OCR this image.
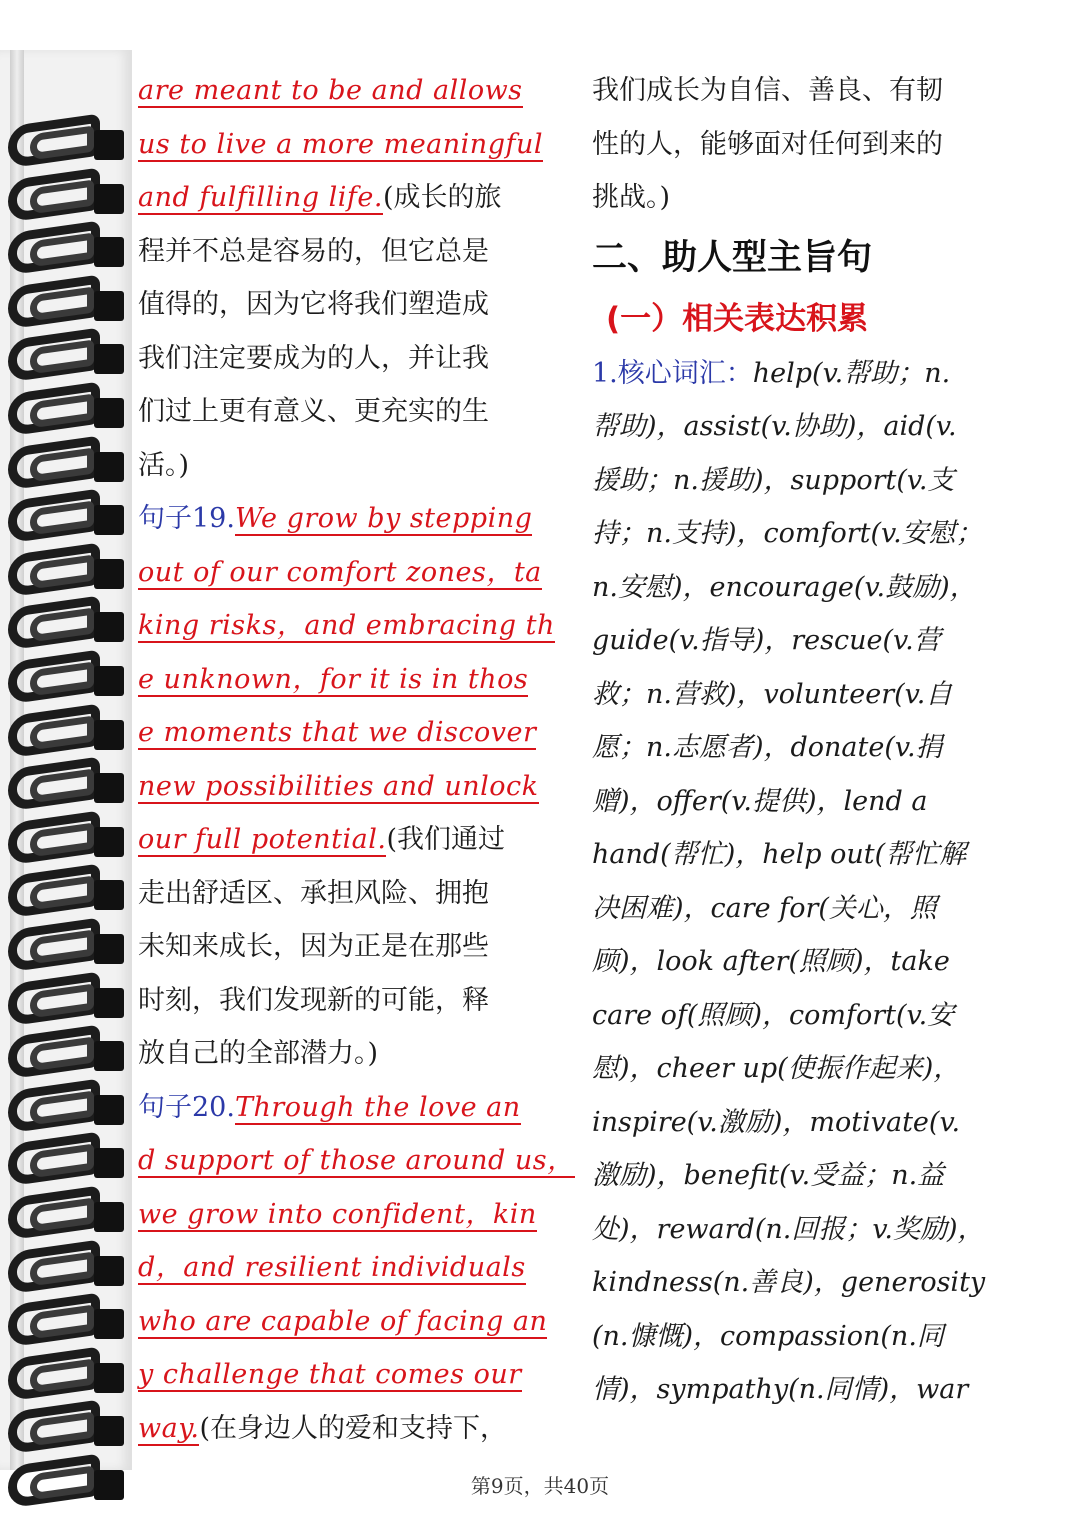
are meant to be and allows
us to live a more meaningful
and fulfilling life.(成长的旅
程并不总是容易的，但它总是
值得的，因为它将我们塑造成
我们注定要成为的人，并让我
们过上更有意义、更充实的生
活。)
句子19.We grow by stepping
out of our comfort zones，ta
king risks，and embracing th
e unknown，for it is in thos
e moments that we discover
new possibilities and unlock
our full potential.(我们通过
走出舒适区、承担风险、拥抱
未知来成长，因为正是在那些
时刻，我们发现新的可能，释
放自己的全部潜力。)
句子20.Through the love an
d support of those around us，
we grow into confident，kin
d，and resilient individuals
who are capable of facing an
y challenge that comes our
way.(在身边人的爱和支持下，
我们成长为自信、善良、有韧
性的人，能够面对任何到来的
挑战。)
二、助人型主旨句
(一）相关表达积累
1.核心词汇：help(v.帮助；n.
帮助)，assist(v.协助)，aid(v.
援助；n.援助)，support(v.支
持；n.支持)，comfort(v.安慰；
n.安慰)，encourage(v.鼓励)，
guide(v.指导)，rescue(v.营
救；n.营救)，volunteer(v.自
愿；n.志愿者)，donate(v.捐
赠)，offer(v.提供)，lend a
hand(帮忙)，help out(帮忙解
决困难)，care for(关心，照
顾)，look after(照顾)，take
care of(照顾)，comfort(v.安
慰)，cheer up(使振作起来)，
inspire(v.激励)，motivate(v.
激励)，benefit(v.受益；n.益
处)，reward(n.回报；v.奖励)，
kindness(n.善良)，generosity
(n.慷慨)，compassion(n.同
情)，sympathy(n.同情)，war
第9页，共40页
